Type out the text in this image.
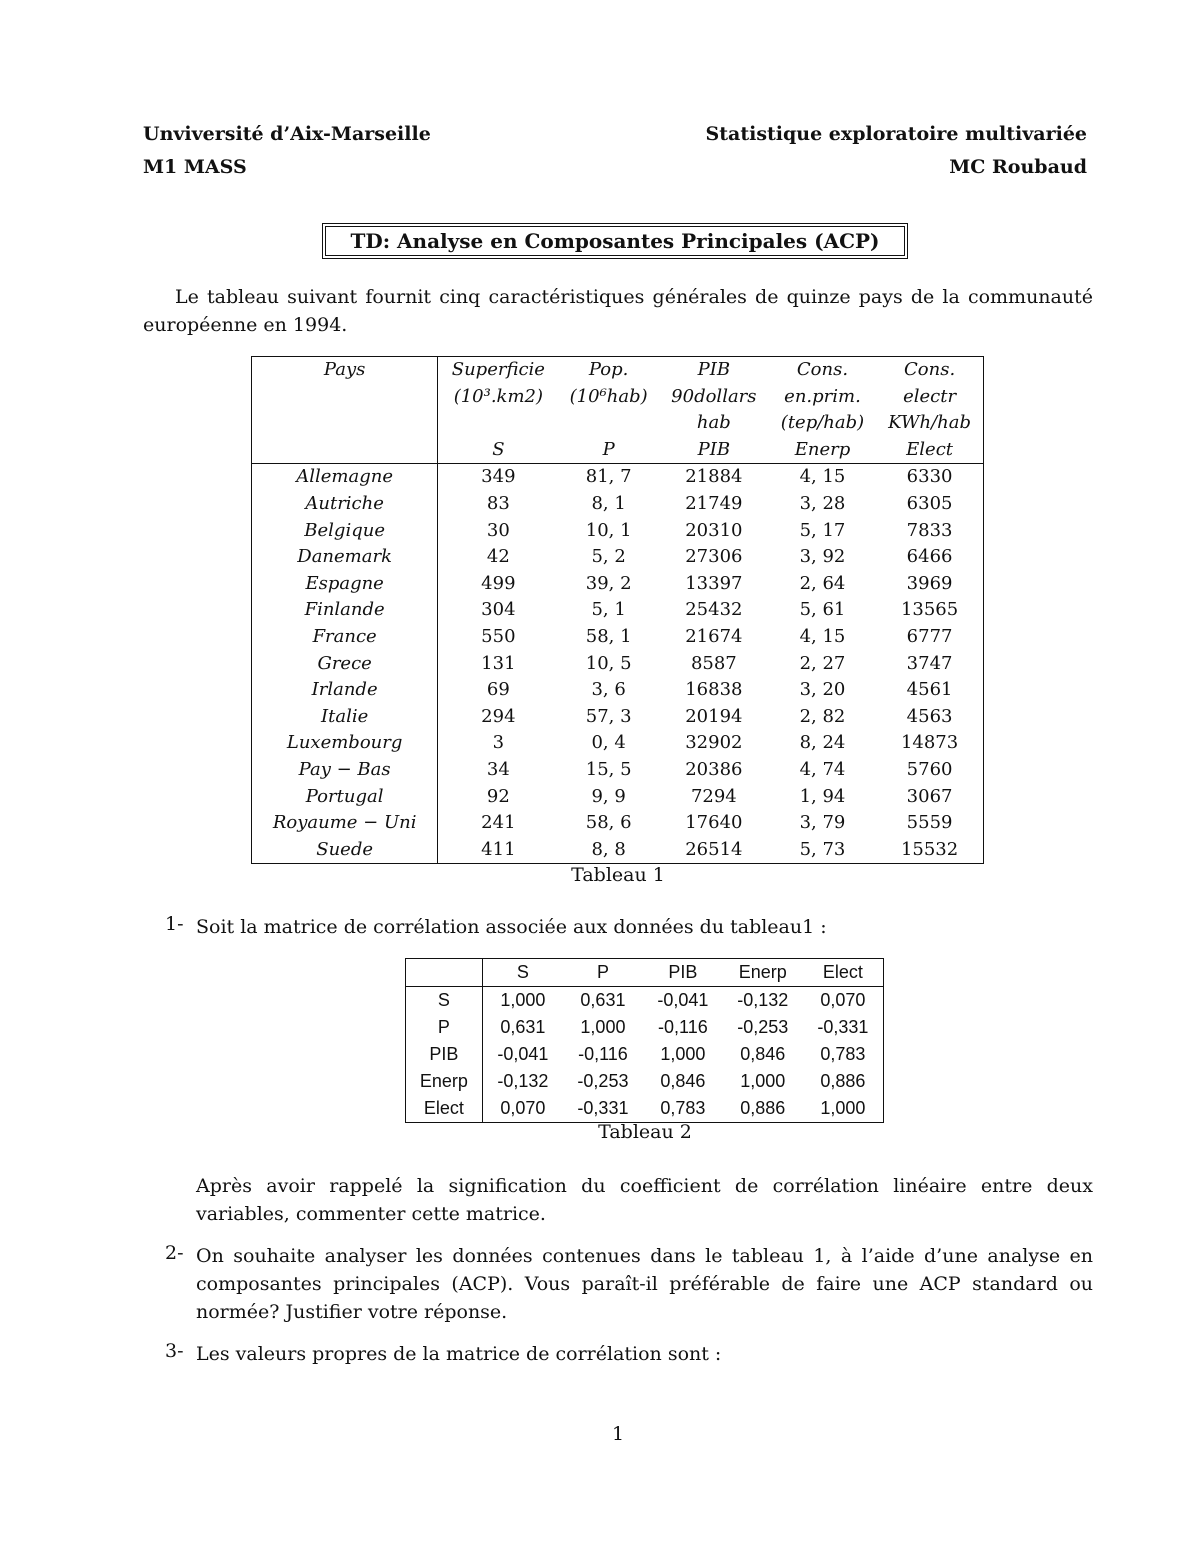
Unviversité d’Aix-Marseille	Statistique exploratoire multivariée
M1 MASS	MC Roubaud
TD: Analyse en Composantes Principales (ACP)
Le tableau suivant fournit cinq caractéristiques générales de quinze pays de la communauté européenne en 1994.
Pays	Superficie	Pop.	PIB	Cons.	Cons.
	(10³.km2)	(10⁶hab)	90dollars	en.prim.	electr
			hab	(tep/hab)	KWh/hab
	S	P	PIB	Enerp	Elect
Allemagne	349	81, 7	21884	4, 15	6330
Autriche	83	8, 1	21749	3, 28	6305
Belgique	30	10, 1	20310	5, 17	7833
Danemark	42	5, 2	27306	3, 92	6466
Espagne	499	39, 2	13397	2, 64	3969
Finlande	304	5, 1	25432	5, 61	13565
France	550	58, 1	21674	4, 15	6777
Grece	131	10, 5	8587	2, 27	3747
Irlande	69	3, 6	16838	3, 20	4561
Italie	294	57, 3	20194	2, 82	4563
Luxembourg	3	0, 4	32902	8, 24	14873
Pay − Bas	34	15, 5	20386	4, 74	5760
Portugal	92	9, 9	7294	1, 94	3067
Royaume − Uni	241	58, 6	17640	3, 79	5559
Suede	411	8, 8	26514	5, 73	15532
Tableau 1
1- Soit la matrice de corrélation associée aux données du tableau1 :
	S	P	PIB	Enerp	Elect
S	1,000	0,631	-0,041	-0,132	0,070
P	0,631	1,000	-0,116	-0,253	-0,331
PIB	-0,041	-0,116	1,000	0,846	0,783
Enerp	-0,132	-0,253	0,846	1,000	0,886
Elect	0,070	-0,331	0,783	0,886	1,000
Tableau 2
Après avoir rappelé la signification du coefficient de corrélation linéaire entre deux variables, commenter cette matrice.
2- On souhaite analyser les données contenues dans le tableau 1, à l’aide d’une analyse en composantes principales (ACP). Vous paraît-il préférable de faire une ACP standard ou normée? Justifier votre réponse.
3- Les valeurs propres de la matrice de corrélation sont :
1
